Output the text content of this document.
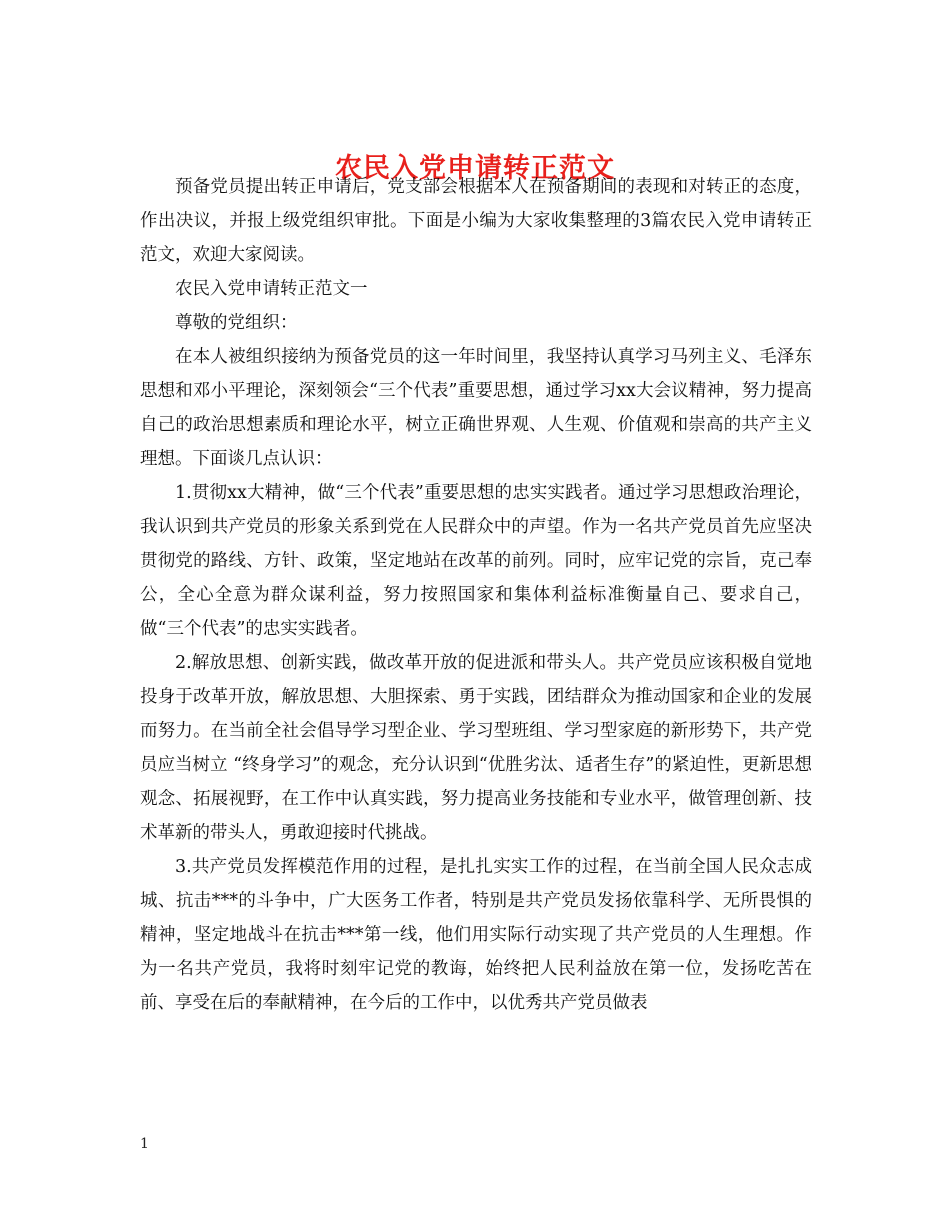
农民入党申请转正范文

预备党员提出转正申请后，党支部会根据本人在预备期间的表现和对转正的态度，作出决议，并报上级党组织审批。下面是小编为大家收集整理的3篇农民入党申请转正范文，欢迎大家阅读。

农民入党申请转正范文一

尊敬的党组织：

在本人被组织接纳为预备党员的这一年时间里，我坚持认真学习马列主义、毛泽东思想和邓小平理论，深刻领会“三个代表”重要思想，通过学习xx大会议精神，努力提高自己的政治思想素质和理论水平，树立正确世界观、人生观、价值观和崇高的共产主义理想。下面谈几点认识：

1.贯彻xx大精神，做“三个代表”重要思想的忠实实践者。通过学习思想政治理论，我认识到共产党员的形象关系到党在人民群众中的声望。作为一名共产党员首先应坚决贯彻党的路线、方针、政策，坚定地站在改革的前列。同时，应牢记党的宗旨，克己奉公，全心全意为群众谋利益，努力按照国家和集体利益标准衡量自己、要求自己，做“三个代表”的忠实实践者。

2.解放思想、创新实践，做改革开放的促进派和带头人。共产党员应该积极自觉地投身于改革开放，解放思想、大胆探索、勇于实践，团结群众为推动国家和企业的发展而努力。在当前全社会倡导学习型企业、学习型班组、学习型家庭的新形势下，共产党员应当树立 “终身学习”的观念，充分认识到“优胜劣汰、适者生存”的紧迫性，更新思想观念、拓展视野，在工作中认真实践，努力提高业务技能和专业水平，做管理创新、技术革新的带头人，勇敢迎接时代挑战。

3.共产党员发挥模范作用的过程，是扎扎实实工作的过程，在当前全国人民众志成城、抗击***的斗争中，广大医务工作者，特别是共产党员发扬依靠科学、无所畏惧的精神，坚定地战斗在抗击***第一线，他们用实际行动实现了共产党员的人生理想。作为一名共产党员，我将时刻牢记党的教诲，始终把人民利益放在第一位，发扬吃苦在前、享受在后的奉献精神，在今后的工作中，以优秀共产党员做表

1
